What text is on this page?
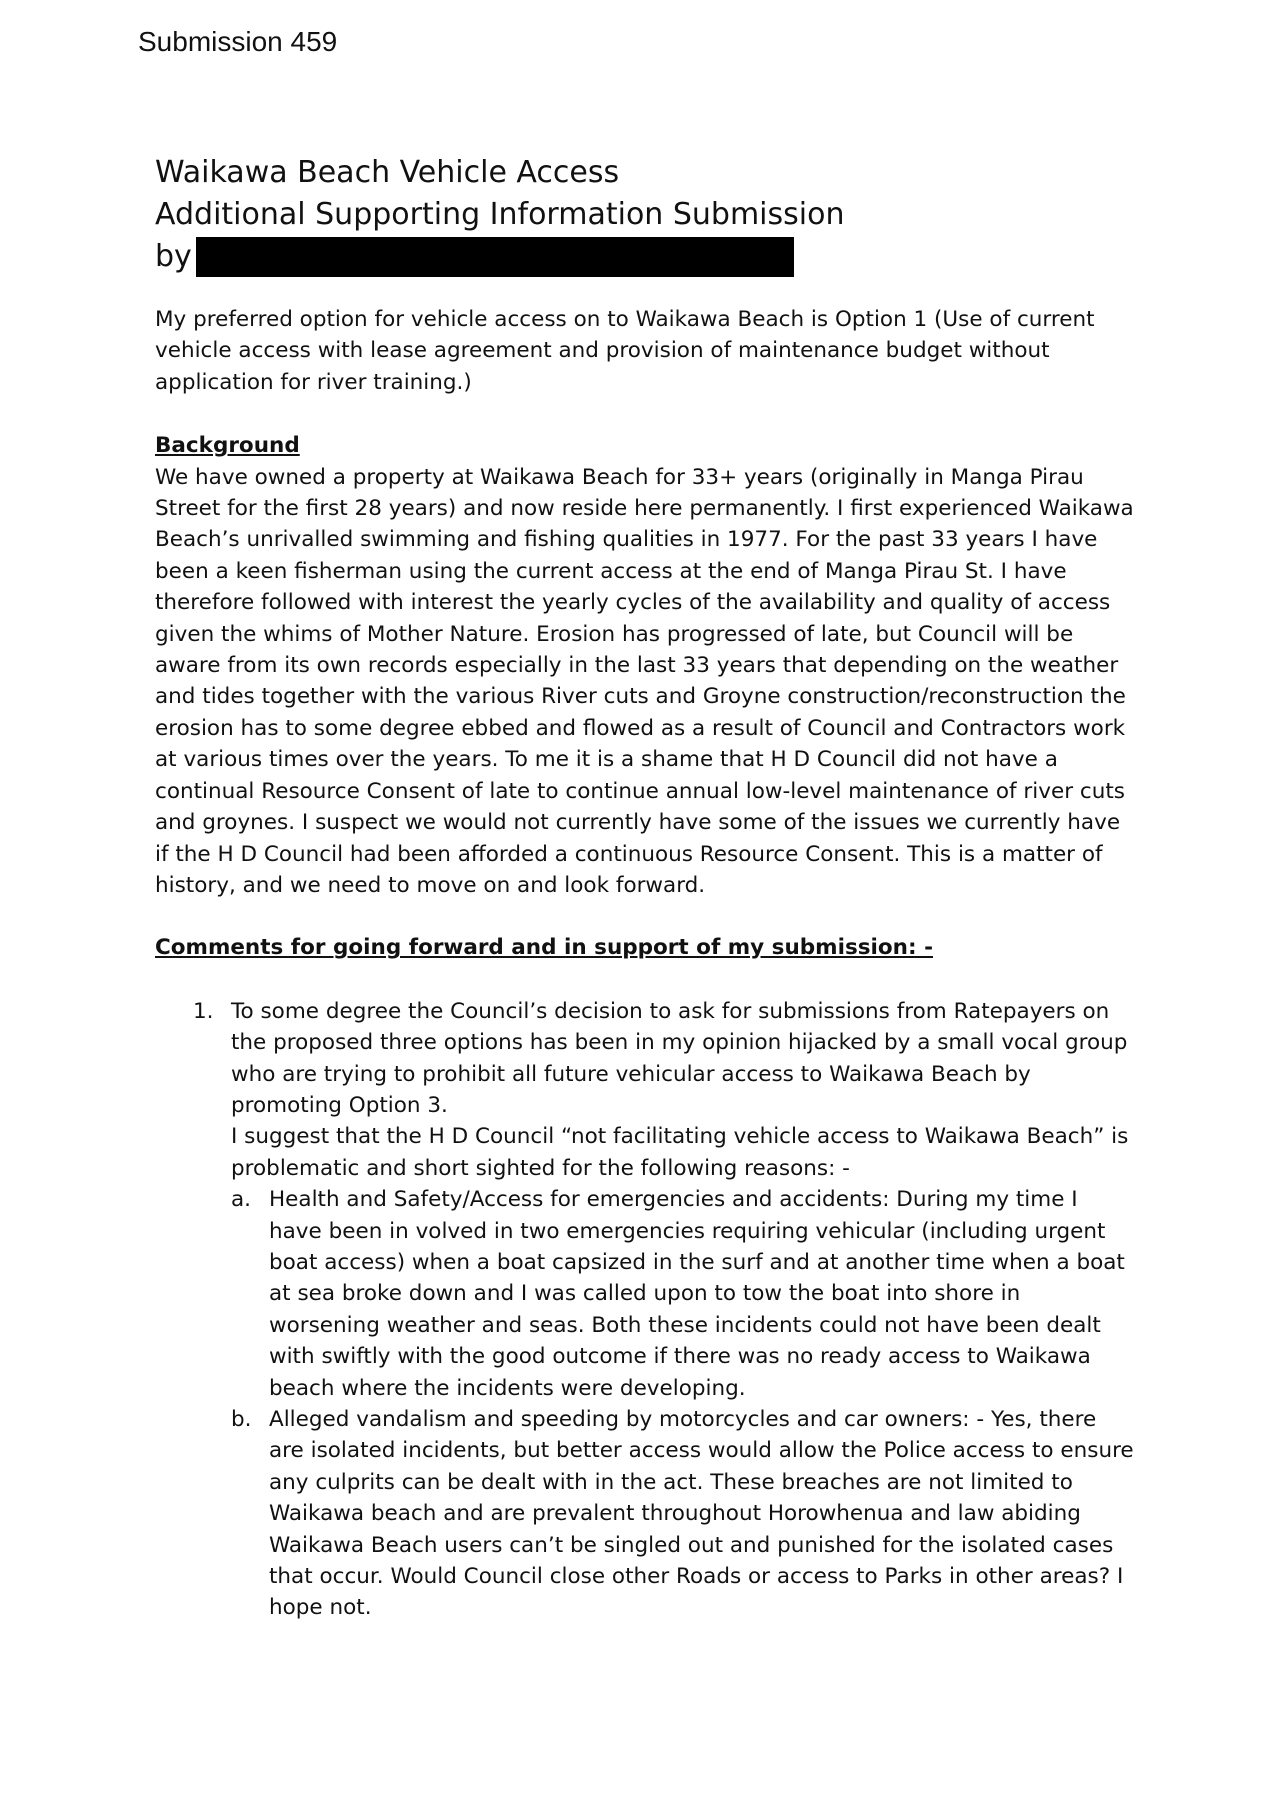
Submission 459
Waikawa Beach Vehicle Access
Additional Supporting Information Submission
by

My preferred option for vehicle access on to Waikawa Beach is Option 1 (Use of current vehicle access with lease agreement and provision of maintenance budget without application for river training.)

Background
We have owned a property at Waikawa Beach for 33+ years (originally in Manga Pirau Street for the first 28 years) and now reside here permanently. I first experienced Waikawa Beach’s unrivalled swimming and fishing qualities in 1977. For the past 33 years I have been a keen fisherman using the current access at the end of Manga Pirau St. I have therefore followed with interest the yearly cycles of the availability and quality of access given the whims of Mother Nature. Erosion has progressed of late, but Council will be aware from its own records especially in the last 33 years that depending on the weather and tides together with the various River cuts and Groyne construction/reconstruction the erosion has to some degree ebbed and flowed as a result of Council and Contractors work at various times over the years. To me it is a shame that H D Council did not have a continual Resource Consent of late to continue annual low-level maintenance of river cuts and groynes. I suspect we would not currently have some of the issues we currently have if the H D Council had been afforded a continuous Resource Consent. This is a matter of history, and we need to move on and look forward.
Comments for going forward and in support of my submission: -
1. To some degree the Council’s decision to ask for submissions from Ratepayers on the proposed three options has been in my opinion hijacked by a small vocal group who are trying to prohibit all future vehicular access to Waikawa Beach by promoting Option 3.
I suggest that the H D Council “not facilitating vehicle access to Waikawa Beach” is problematic and short sighted for the following reasons: -
a. Health and Safety/Access for emergencies and accidents: During my time I have been in volved in two emergencies requiring vehicular (including urgent boat access) when a boat capsized in the surf and at another time when a boat at sea broke down and I was called upon to tow the boat into shore in worsening weather and seas. Both these incidents could not have been dealt with swiftly with the good outcome if there was no ready access to Waikawa beach where the incidents were developing.
b. Alleged vandalism and speeding by motorcycles and car owners: - Yes, there are isolated incidents, but better access would allow the Police access to ensure any culprits can be dealt with in the act. These breaches are not limited to Waikawa beach and are prevalent throughout Horowhenua and law abiding Waikawa Beach users can’t be singled out and punished for the isolated cases that occur. Would Council close other Roads or access to Parks in other areas? I hope not.
